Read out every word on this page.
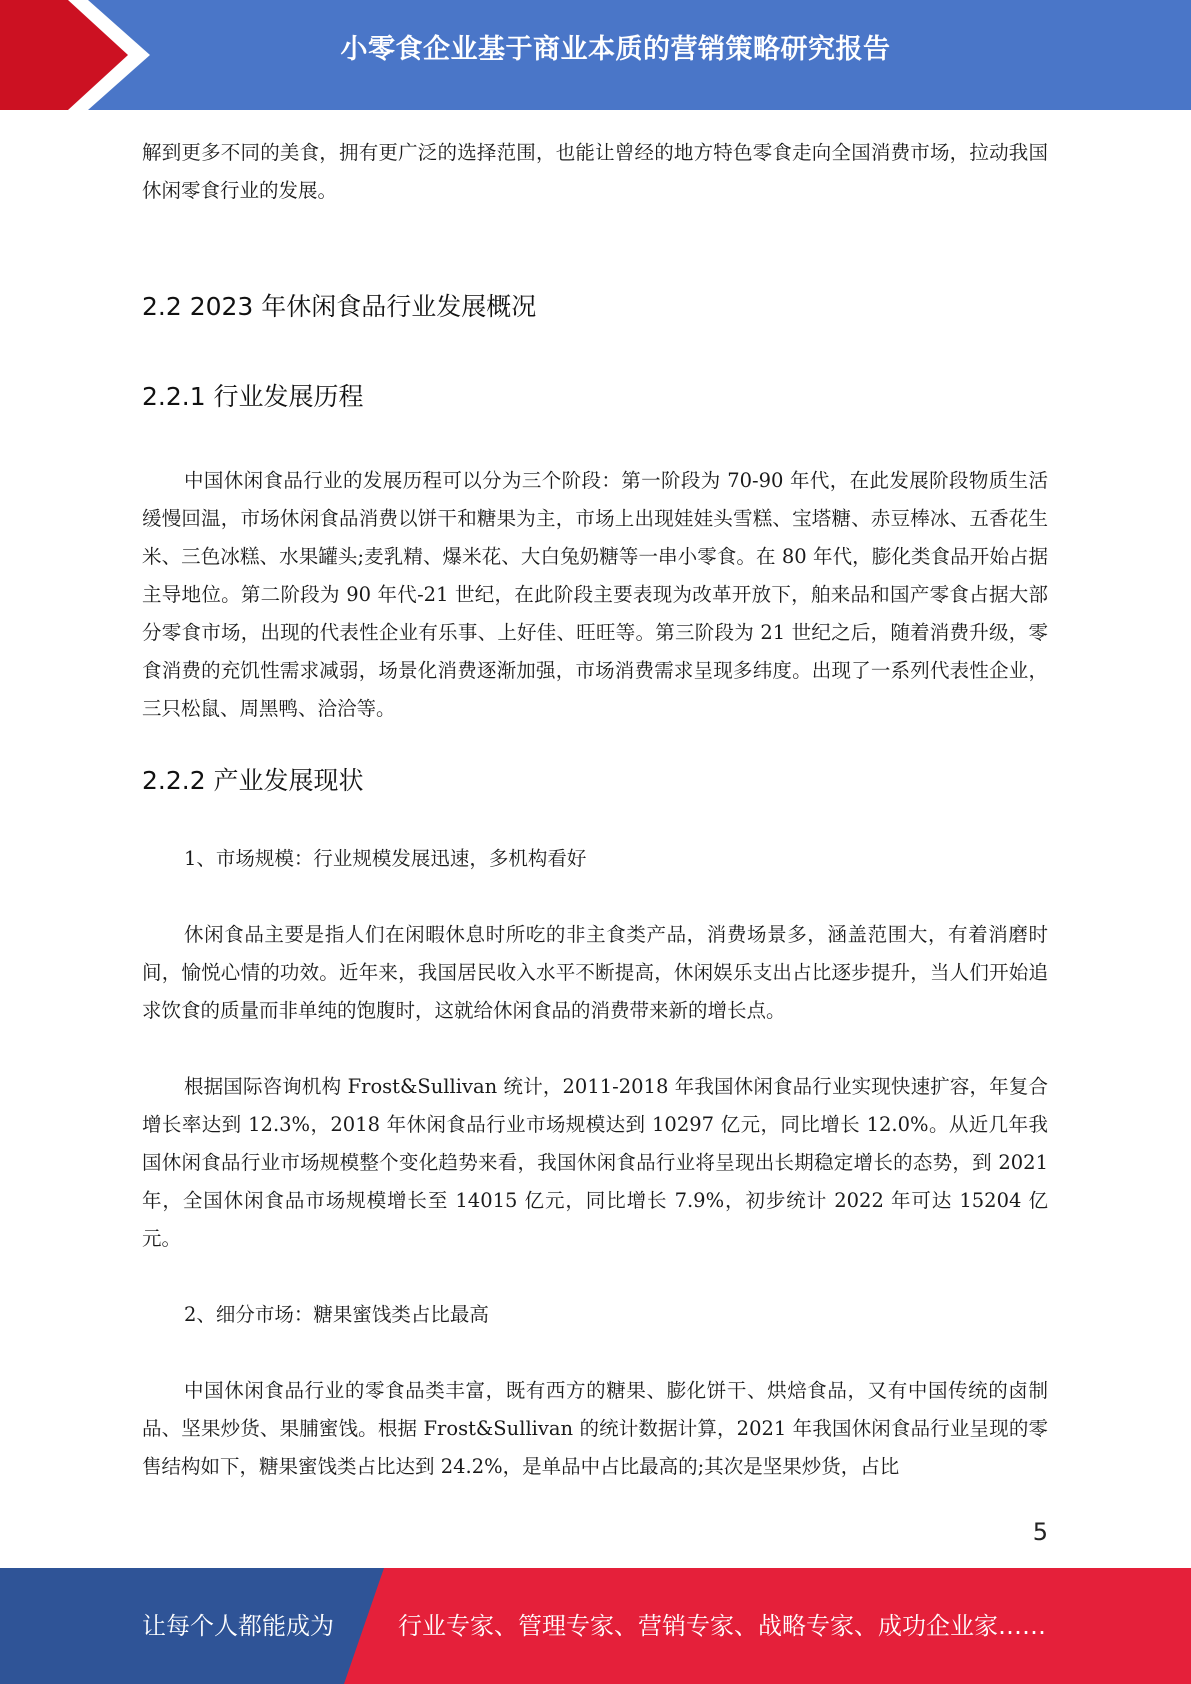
小零食企业基于商业本质的营销策略研究报告

解到更多不同的美食，拥有更广泛的选择范围，也能让曾经的地方特色零食走向全国消费市场，拉动我国休闲零食行业的发展。

2.2 2023 年休闲食品行业发展概况
2.2.1 行业发展历程

中国休闲食品行业的发展历程可以分为三个阶段：第一阶段为 70-90 年代，在此发展阶段物质生活缓慢回温，市场休闲食品消费以饼干和糖果为主，市场上出现娃娃头雪糕、宝塔糖、赤豆棒冰、五香花生米、三色冰糕、水果罐头;麦乳精、爆米花、大白兔奶糖等一串小零食。在 80 年代，膨化类食品开始占据主导地位。第二阶段为 90 年代-21 世纪，在此阶段主要表现为改革开放下，舶来品和国产零食占据大部分零食市场，出现的代表性企业有乐事、上好佳、旺旺等。第三阶段为 21 世纪之后，随着消费升级，零食消费的充饥性需求减弱，场景化消费逐渐加强，市场消费需求呈现多纬度。出现了一系列代表性企业，三只松鼠、周黑鸭、洽洽等。

2.2.2 产业发展现状

1、市场规模：行业规模发展迅速，多机构看好

休闲食品主要是指人们在闲暇休息时所吃的非主食类产品，消费场景多，涵盖范围大，有着消磨时间，愉悦心情的功效。近年来，我国居民收入水平不断提高，休闲娱乐支出占比逐步提升，当人们开始追求饮食的质量而非单纯的饱腹时，这就给休闲食品的消费带来新的增长点。

根据国际咨询机构 Frost&Sullivan 统计，2011-2018 年我国休闲食品行业实现快速扩容，年复合增长率达到 12.3%，2018 年休闲食品行业市场规模达到 10297 亿元，同比增长 12.0%。从近几年我国休闲食品行业市场规模整个变化趋势来看，我国休闲食品行业将呈现出长期稳定增长的态势，到 2021 年，全国休闲食品市场规模增长至 14015 亿元，同比增长 7.9%，初步统计 2022 年可达 15204 亿元。

2、细分市场：糖果蜜饯类占比最高

中国休闲食品行业的零食品类丰富，既有西方的糖果、膨化饼干、烘焙食品，又有中国传统的卤制品、坚果炒货、果脯蜜饯。根据 Frost&Sullivan 的统计数据计算，2021 年我国休闲食品行业呈现的零售结构如下，糖果蜜饯类占比达到 24.2%，是单品中占比最高的;其次是坚果炒货，占比

5
让每个人都能成为	行业专家、管理专家、营销专家、战略专家、成功企业家……
